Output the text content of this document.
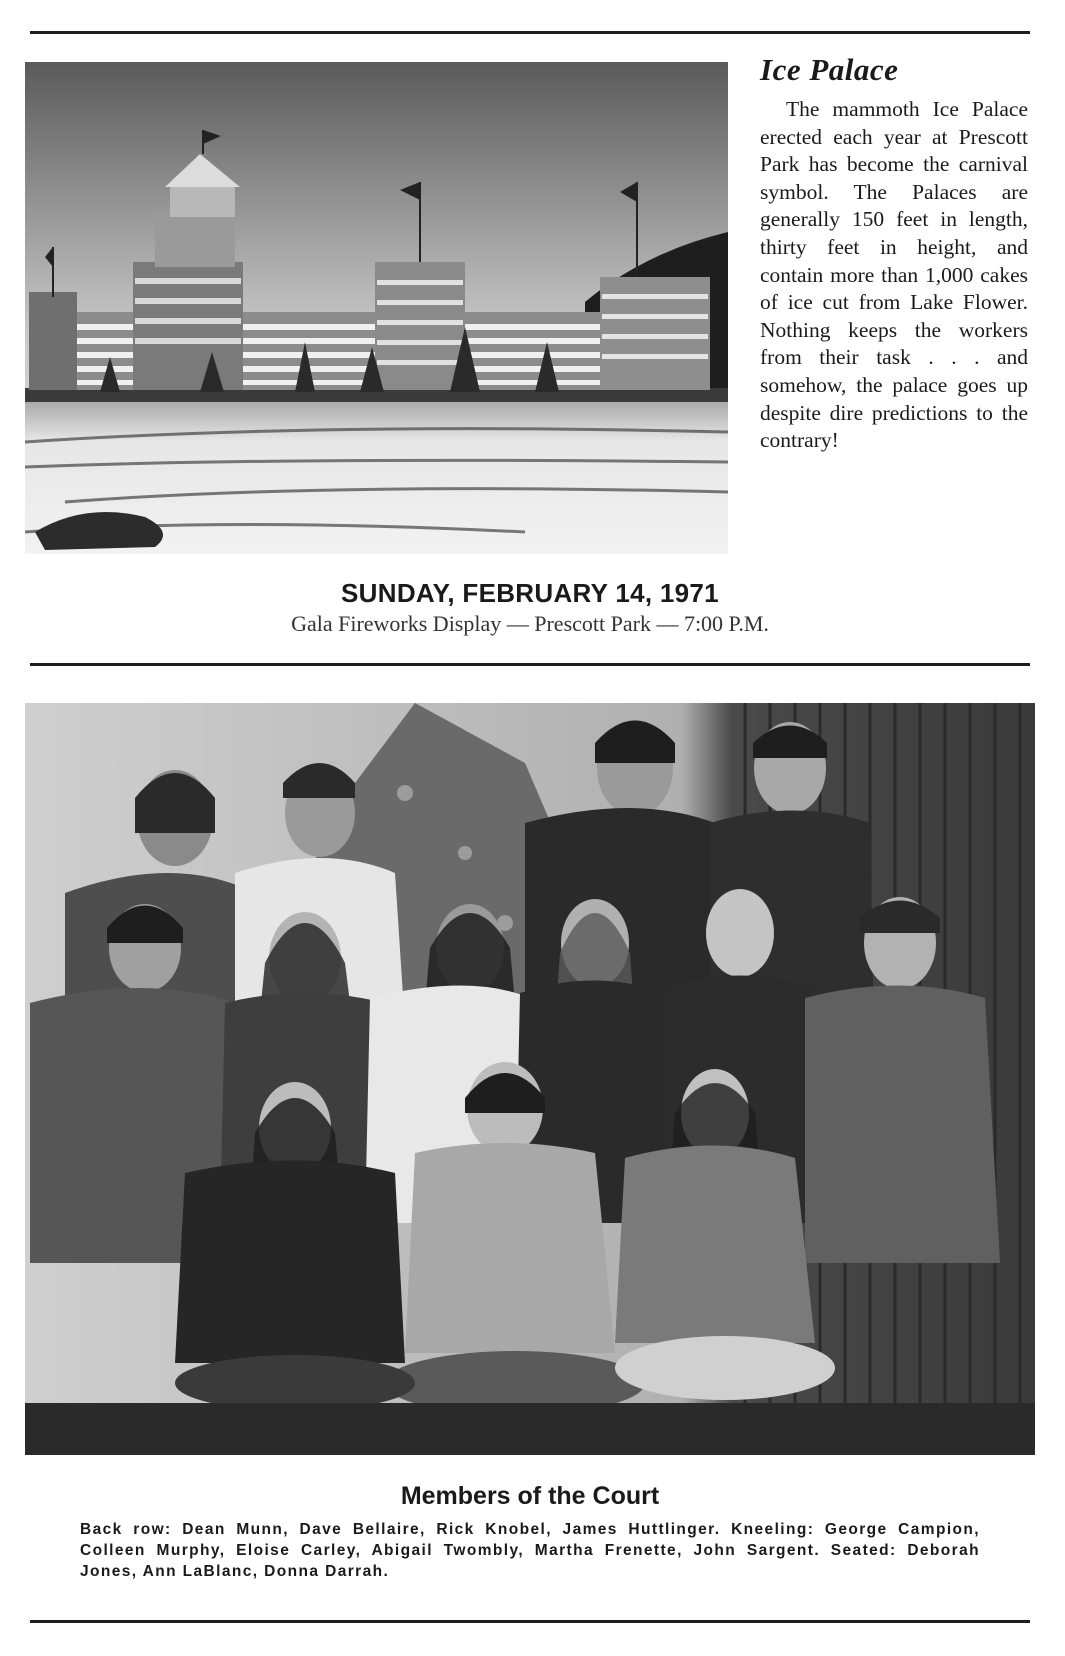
Ice Palace

The mammoth Ice Palace erected each year at Prescott Park has become the carnival symbol. The Palaces are generally 150 feet in length, thirty feet in height, and contain more than 1,000 cakes of ice cut from Lake Flower. Nothing keeps the workers from their task . . . and somehow, the palace goes up despite dire predictions to the contrary!

SUNDAY, FEBRUARY 14, 1971
Gala Fireworks Display — Prescott Park — 7:00 P.M.
Members of the Court

Back row: Dean Munn, Dave Bellaire, Rick Knobel, James Huttlinger. Kneeling: George Campion, Colleen Murphy, Eloise Carley, Abigail Twombly, Martha Frenette, John Sargent. Seated: Deborah Jones, Ann LaBlanc, Donna Darrah.
